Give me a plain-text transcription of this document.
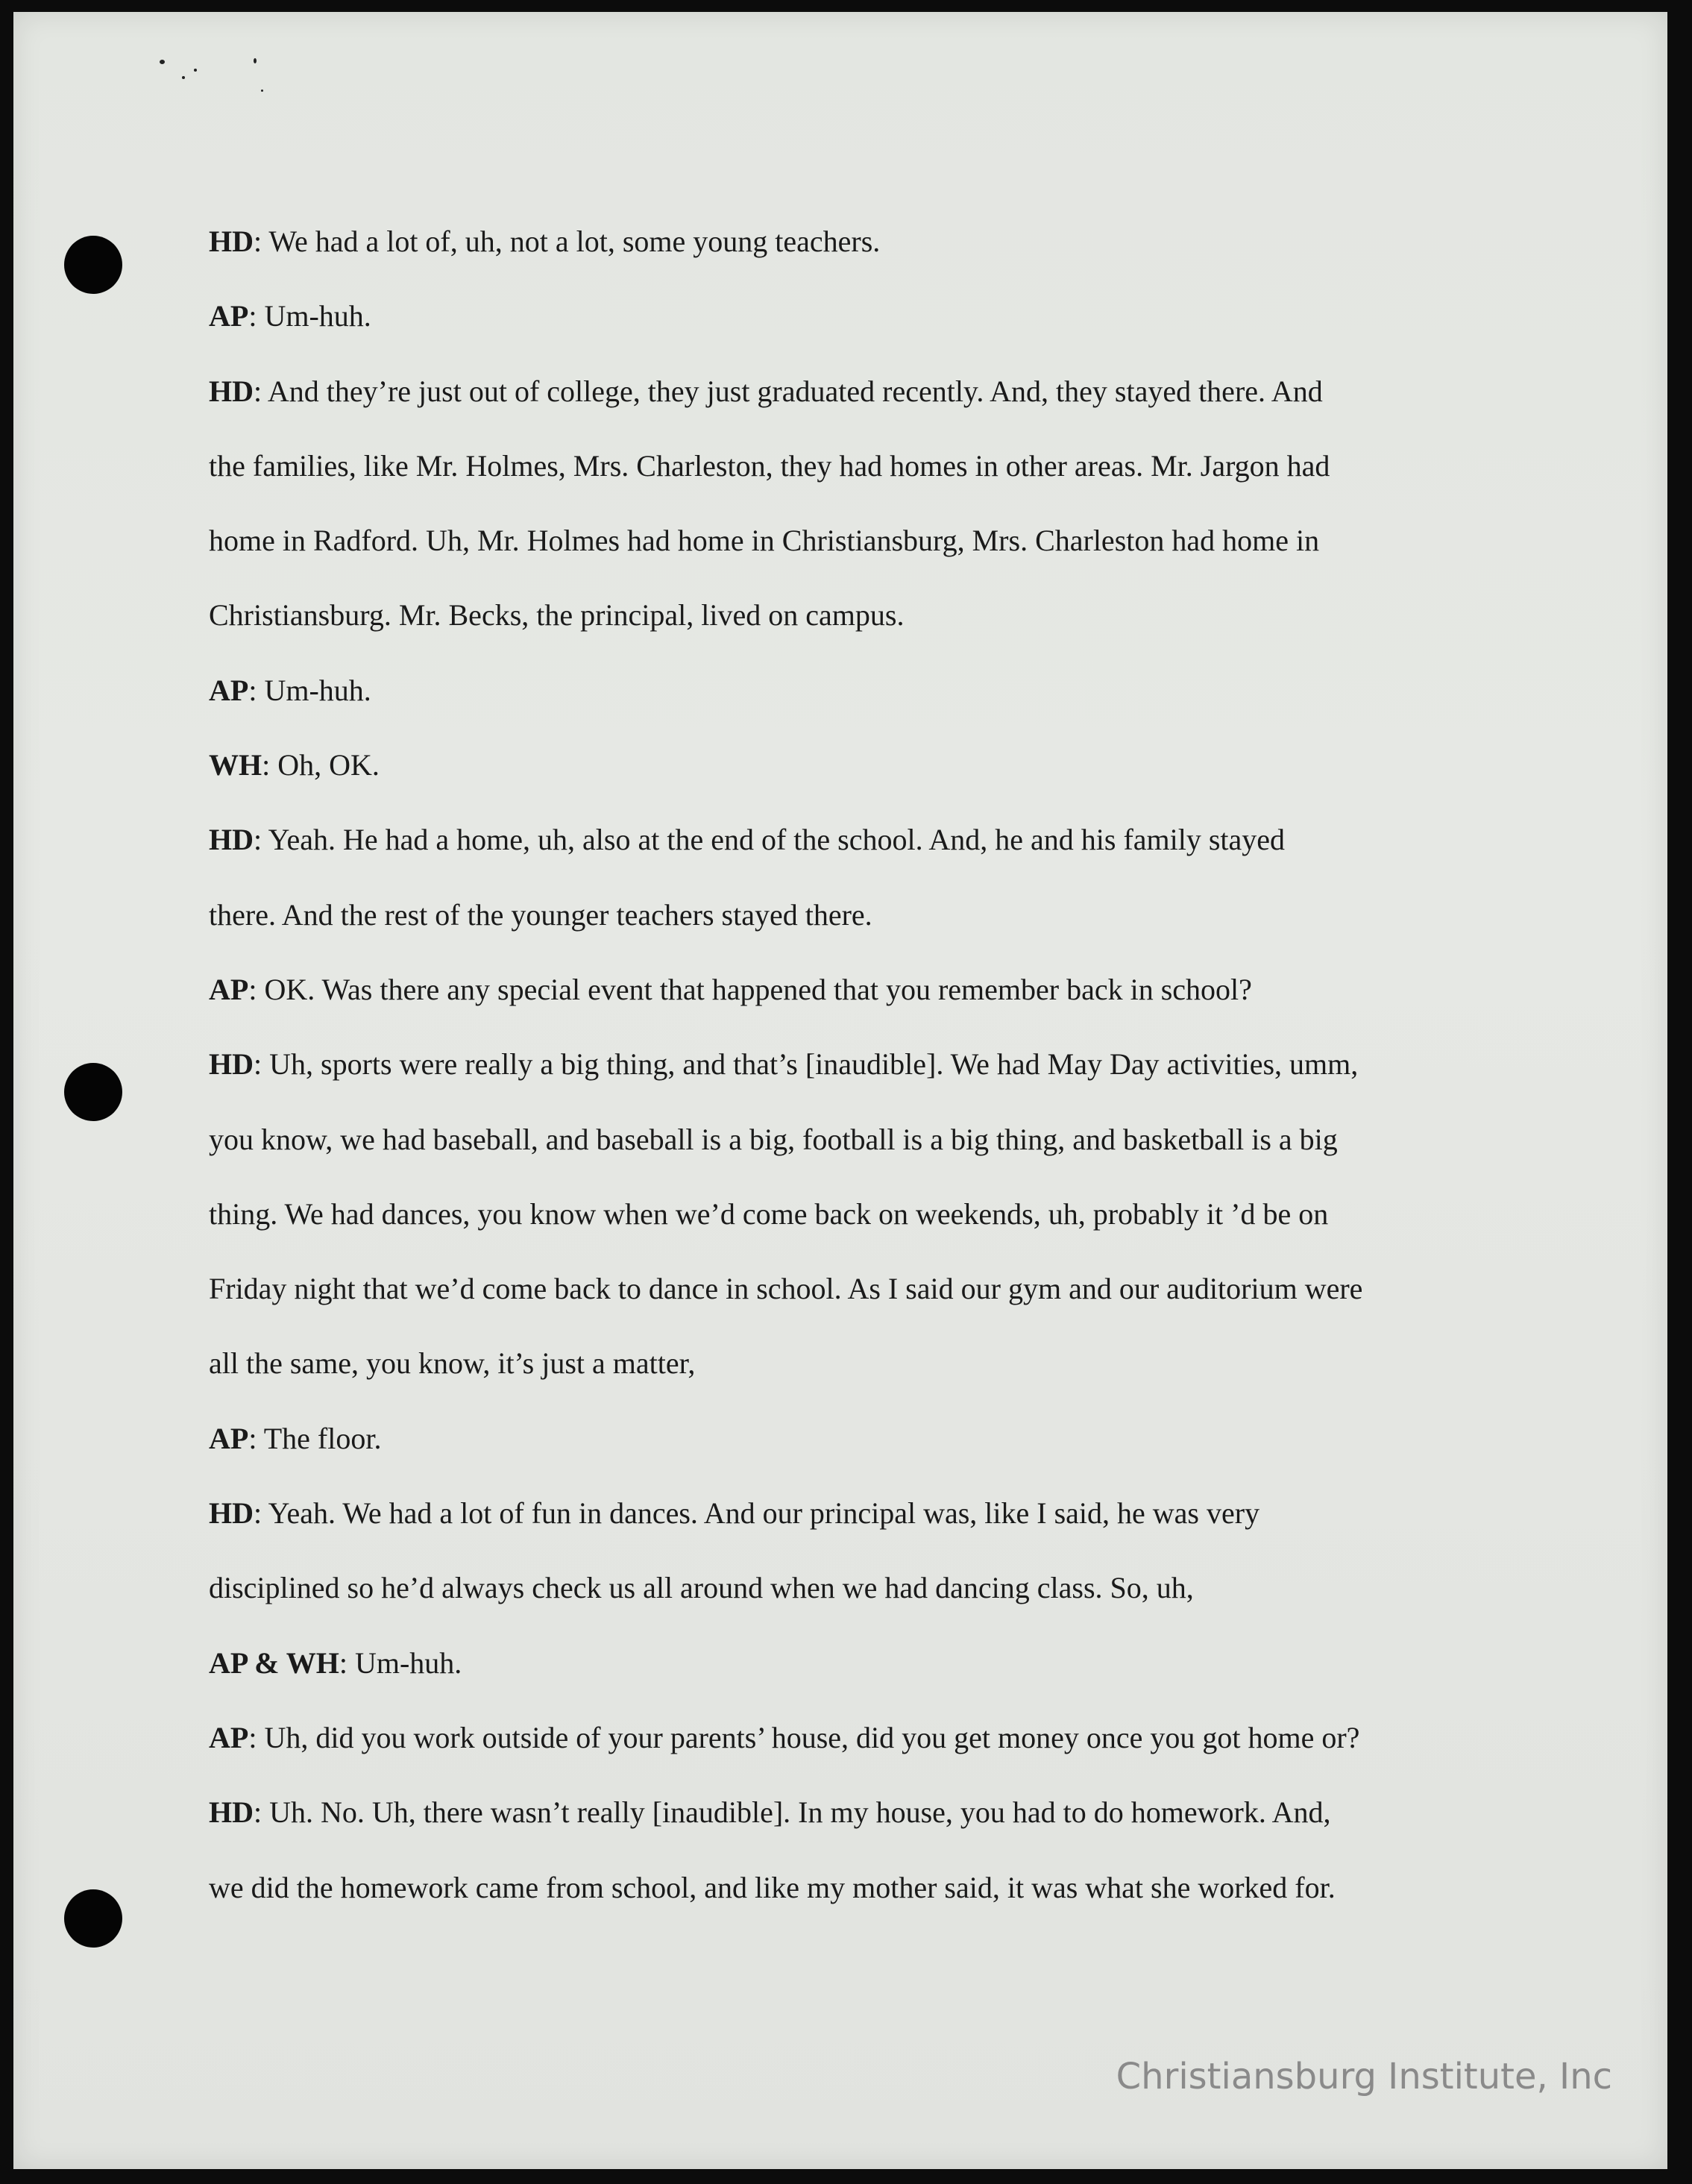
HD: We had a lot of, uh, not a lot, some young teachers.
AP: Um-huh.
HD: And they’re just out of college, they just graduated recently. And, they stayed there. And
the families, like Mr. Holmes, Mrs. Charleston, they had homes in other areas. Mr. Jargon had
home in Radford. Uh, Mr. Holmes had home in Christiansburg, Mrs. Charleston had home in
Christiansburg. Mr. Becks, the principal, lived on campus.
AP: Um-huh.
WH: Oh, OK.
HD: Yeah. He had a home, uh, also at the end of the school. And, he and his family stayed
there. And the rest of the younger teachers stayed there.
AP: OK. Was there any special event that happened that you remember back in school?
HD: Uh, sports were really a big thing, and that’s [inaudible]. We had May Day activities, umm,
you know, we had baseball, and baseball is a big, football is a big thing, and basketball is a big
thing. We had dances, you know when we’d come back on weekends, uh, probably it ’d be on
Friday night that we’d come back to dance in school. As I said our gym and our auditorium were
all the same, you know, it’s just a matter,
AP: The floor.
HD: Yeah. We had a lot of fun in dances. And our principal was, like I said, he was very
disciplined so he’d always check us all around when we had dancing class. So, uh,
AP & WH: Um-huh.
AP: Uh, did you work outside of your parents’ house, did you get money once you got home or?
HD: Uh. No. Uh, there wasn’t really [inaudible]. In my house, you had to do homework. And,
we did the homework came from school, and like my mother said, it was what she worked for.
Christiansburg Institute, Inc
